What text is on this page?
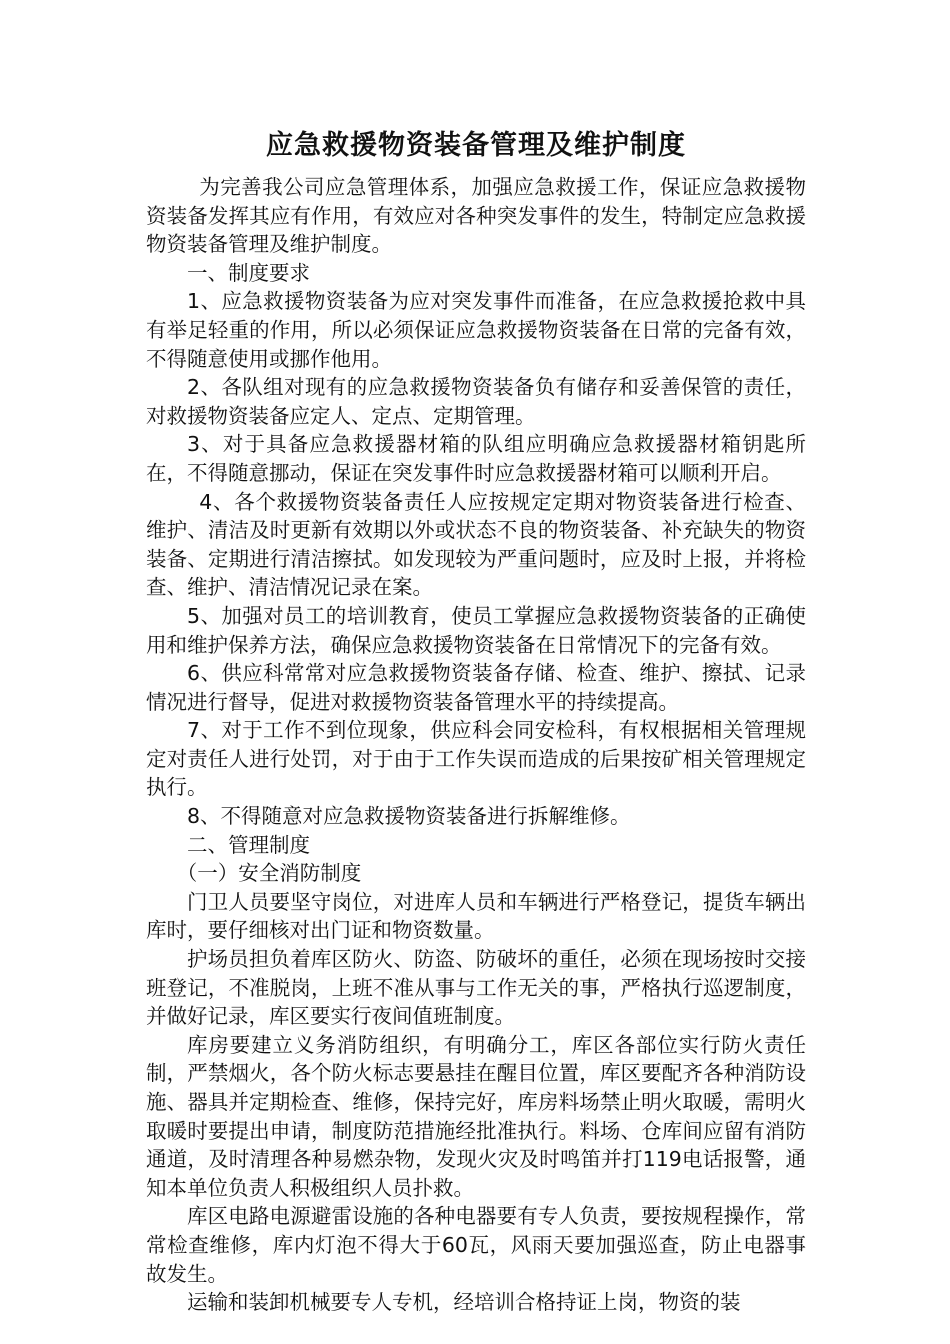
应急救援物资装备管理及维护制度

为完善我公司应急管理体系，加强应急救援工作，保证应急救援物资装备发挥其应有作用，有效应对各种突发事件的发生，特制定应急救援物资装备管理及维护制度。

一、制度要求

1、应急救援物资装备为应对突发事件而准备，在应急救援抢救中具有举足轻重的作用，所以必须保证应急救援物资装备在日常的完备有效，不得随意使用或挪作他用。

2、各队组对现有的应急救援物资装备负有储存和妥善保管的责任，对救援物资装备应定人、定点、定期管理。

3、对于具备应急救援器材箱的队组应明确应急救援器材箱钥匙所在，不得随意挪动，保证在突发事件时应急救援器材箱可以顺利开启。

4、各个救援物资装备责任人应按规定定期对物资装备进行检查、维护、清洁及时更新有效期以外或状态不良的物资装备、补充缺失的物资装备、定期进行清洁擦拭。如发现较为严重问题时，应及时上报，并将检查、维护、清洁情况记录在案。

5、加强对员工的培训教育，使员工掌握应急救援物资装备的正确使用和维护保养方法，确保应急救援物资装备在日常情况下的完备有效。

6、供应科常常对应急救援物资装备存储、检查、维护、擦拭、记录情况进行督导，促进对救援物资装备管理水平的持续提高。

7、对于工作不到位现象，供应科会同安检科，有权根据相关管理规定对责任人进行处罚，对于由于工作失误而造成的后果按矿相关管理规定执行。

8、不得随意对应急救援物资装备进行拆解维修。

二、管理制度

（一）安全消防制度

门卫人员要坚守岗位，对进库人员和车辆进行严格登记，提货车辆出库时，要仔细核对出门证和物资数量。

护场员担负着库区防火、防盗、防破坏的重任，必须在现场按时交接班登记，不准脱岗，上班不准从事与工作无关的事，严格执行巡逻制度，并做好记录，库区要实行夜间值班制度。

库房要建立义务消防组织，有明确分工，库区各部位实行防火责任制，严禁烟火，各个防火标志要悬挂在醒目位置，库区要配齐各种消防设施、器具并定期检查、维修，保持完好，库房料场禁止明火取暖，需明火取暖时要提出申请，制度防范措施经批准执行。料场、仓库间应留有消防通道，及时清理各种易燃杂物，发现火灾及时鸣笛并打119电话报警，通知本单位负责人积极组织人员扑救。

库区电路电源避雷设施的各种电器要有专人负责，要按规程操作，常常检查维修，库内灯泡不得大于60瓦，风雨天要加强巡查，防止电器事故发生。

运输和装卸机械要专人专机，经培训合格持证上岗，物资的装
